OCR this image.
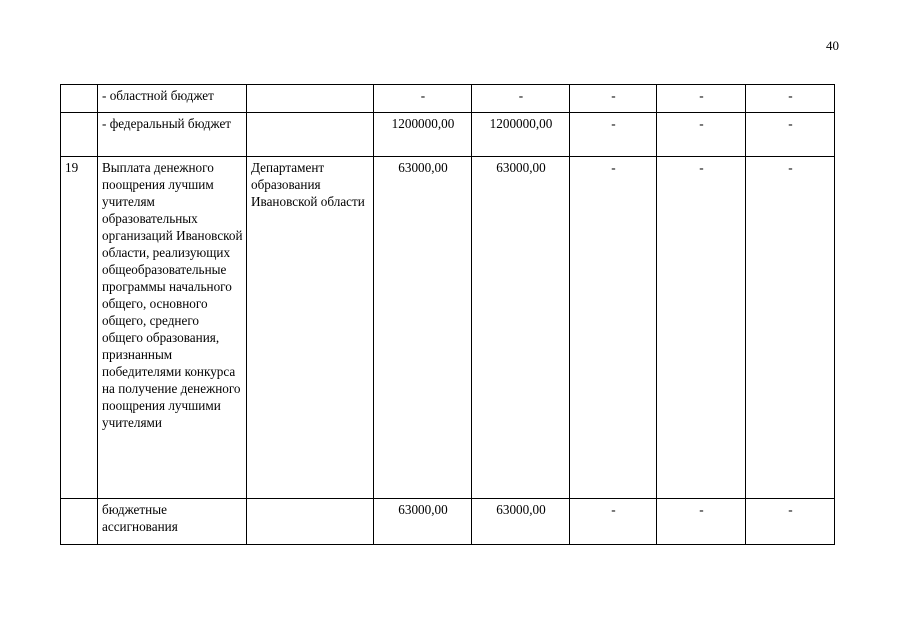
40
	- областной бюджет		-	-	-	-	-
	- федеральный бюджет		1200000,00	1200000,00	-	-	-
19	Выплата денежного поощрения лучшим учителям образовательных организаций Ивановской области, реализующих общеобразовательные программы начального общего, основного общего, среднего общего образования, признанным победителями конкурса на получение денежного поощрения лучшими учителями	Департамент образования Ивановской области	63000,00	63000,00	-	-	-
	бюджетные ассигнования		63000,00	63000,00	-	-	-
